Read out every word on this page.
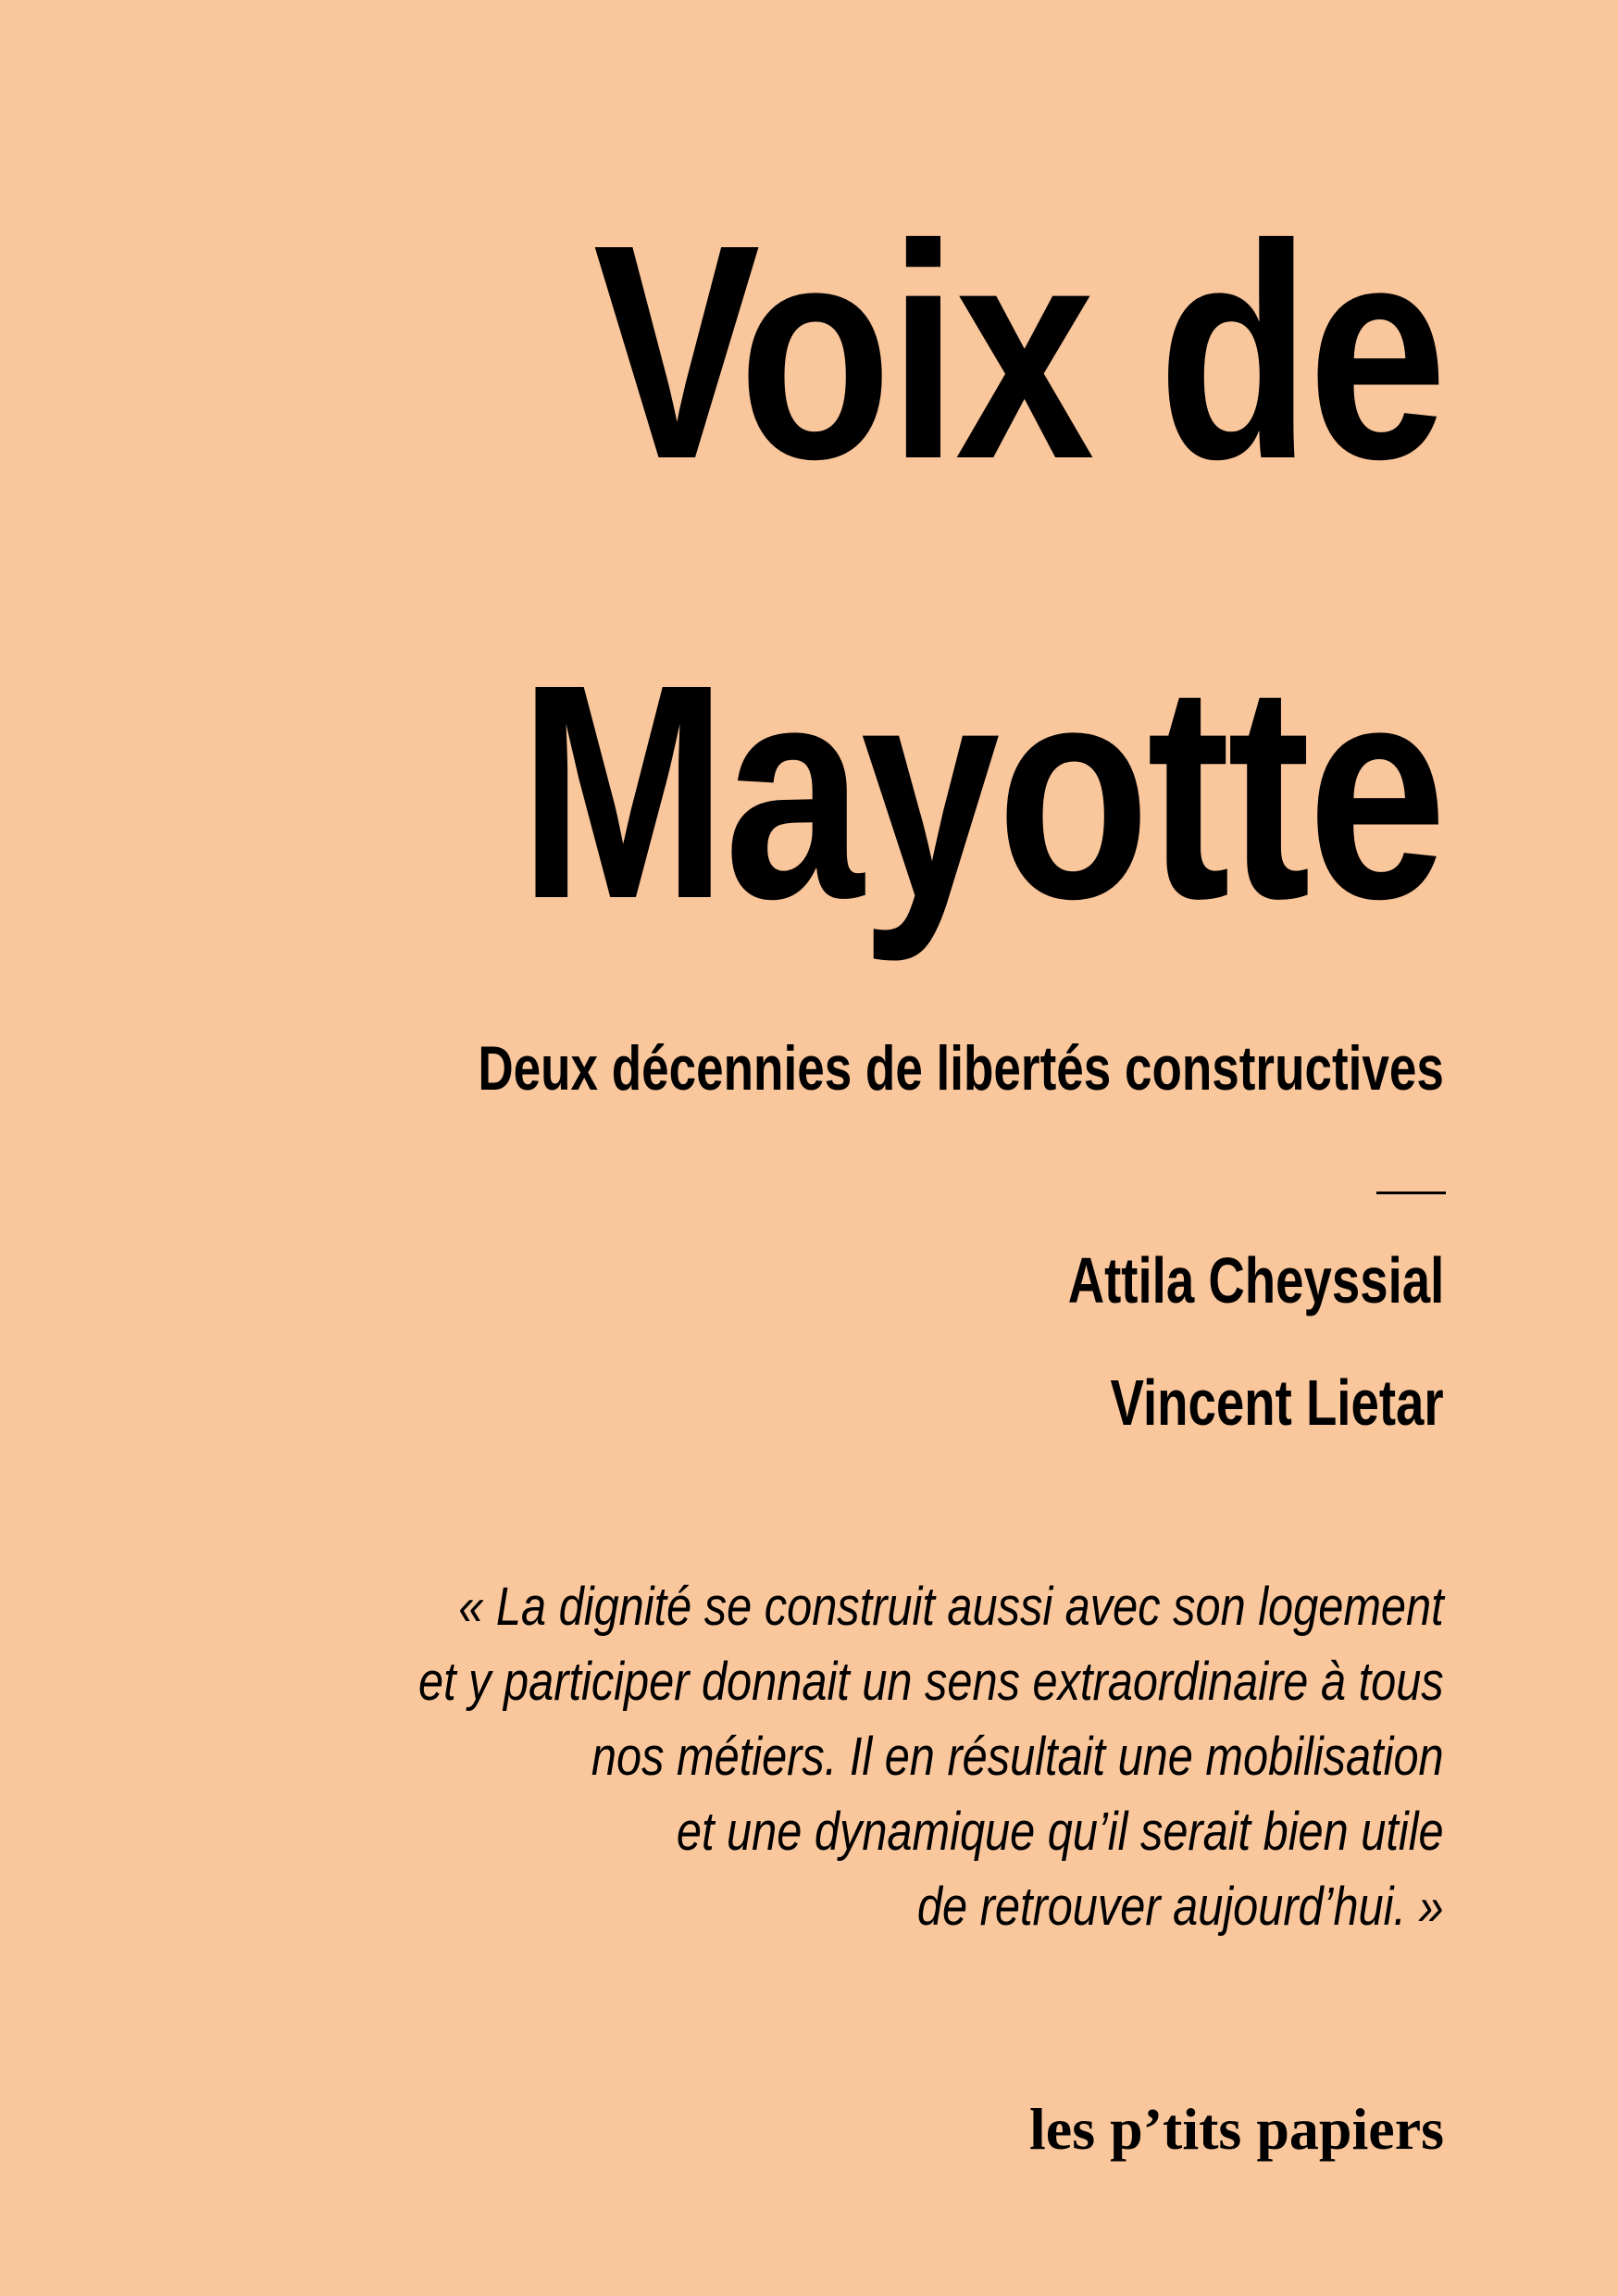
Voix de
Mayotte
Deux décennies de libertés constructives
Attila Cheyssial
Vincent Lietar
« La dignité se construit aussi avec son logement
et y participer donnait un sens extraordinaire à tous
nos métiers. Il en résultait une mobilisation
et une dynamique qu’il serait bien utile
de retrouver aujourd’hui. »
les p’tits papiers
